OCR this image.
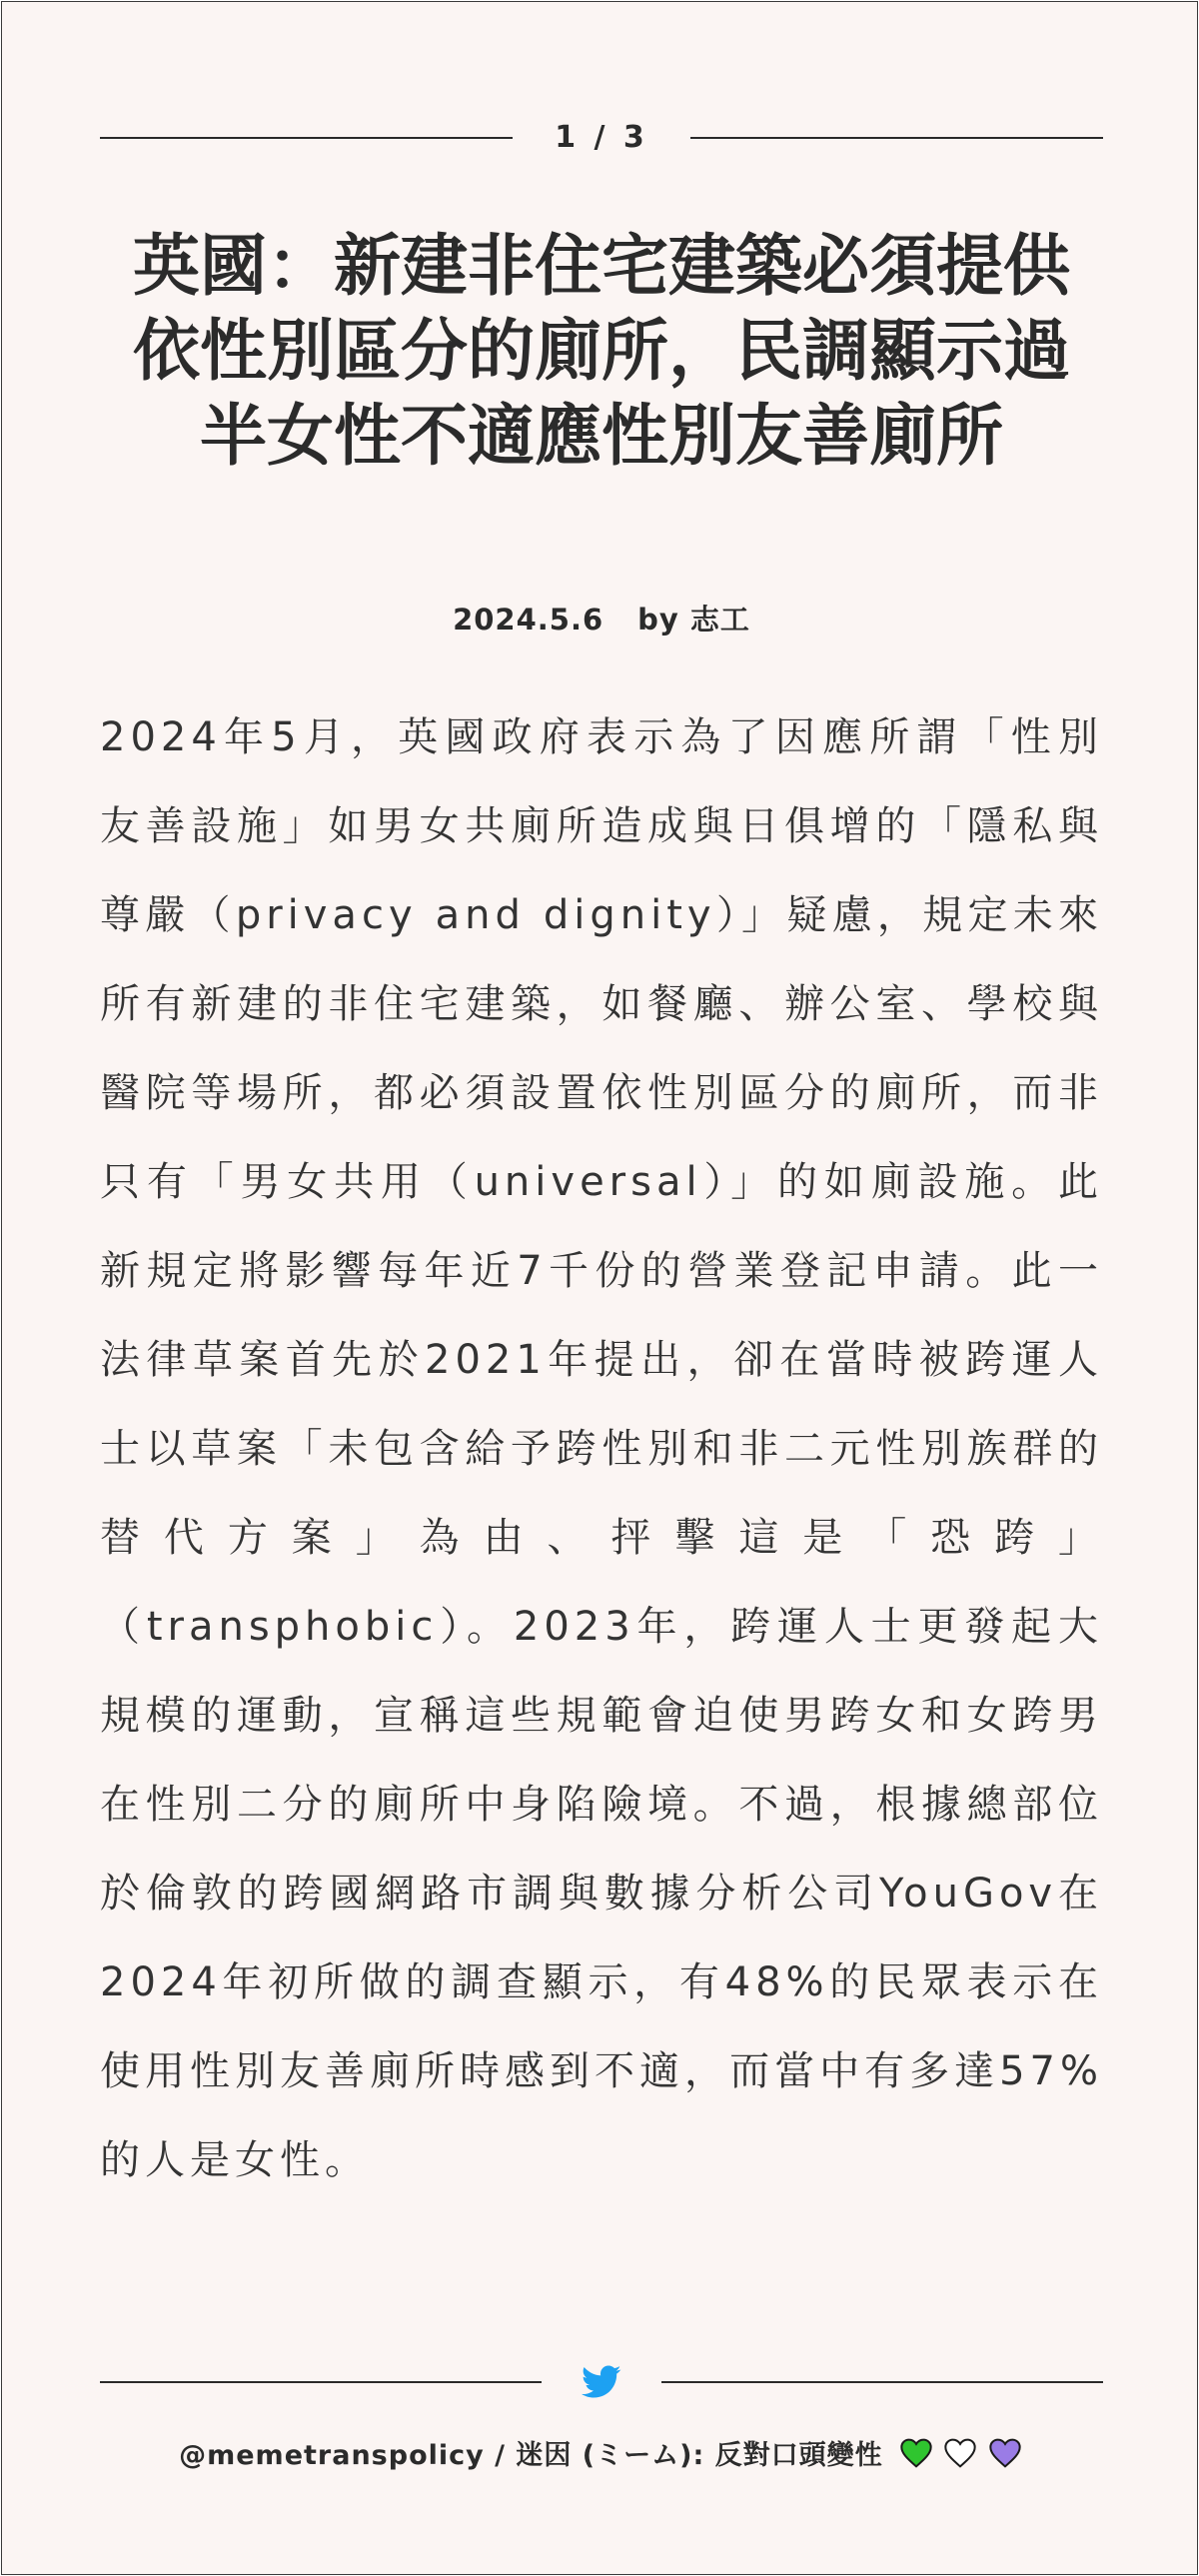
1 / 3
英國：新建非住宅建築必須提供依性別區分的廁所，民調顯示過半女性不適應性別友善廁所
2024.5.6 by 志工

2024年5月，英國政府表示為了因應所謂「性別友善設施」如男女共廁所造成與日俱增的「隱私與尊嚴（privacy and dignity）」疑慮，規定未來所有新建的非住宅建築，如餐廳、辦公室、學校與醫院等場所，都必須設置依性別區分的廁所，而非只有「男女共用（universal）」的如廁設施。此新規定將影響每年近7千份的營業登記申請。此一法律草案首先於2021年提出，卻在當時被跨運人士以草案「未包含給予跨性別和非二元性別族群的替代方案」為由、抨擊這是「恐跨」（transphobic）。2023年，跨運人士更發起大規模的運動，宣稱這些規範會迫使男跨女和女跨男在性別二分的廁所中身陷險境。不過，根據總部位於倫敦的跨國網路市調與數據分析公司YouGov在2024年初所做的調查顯示，有48%的民眾表示在使用性別友善廁所時感到不適，而當中有多達57%的人是女性。

@memetranspolicy / 迷因 (ミーム): 反對口頭變性
